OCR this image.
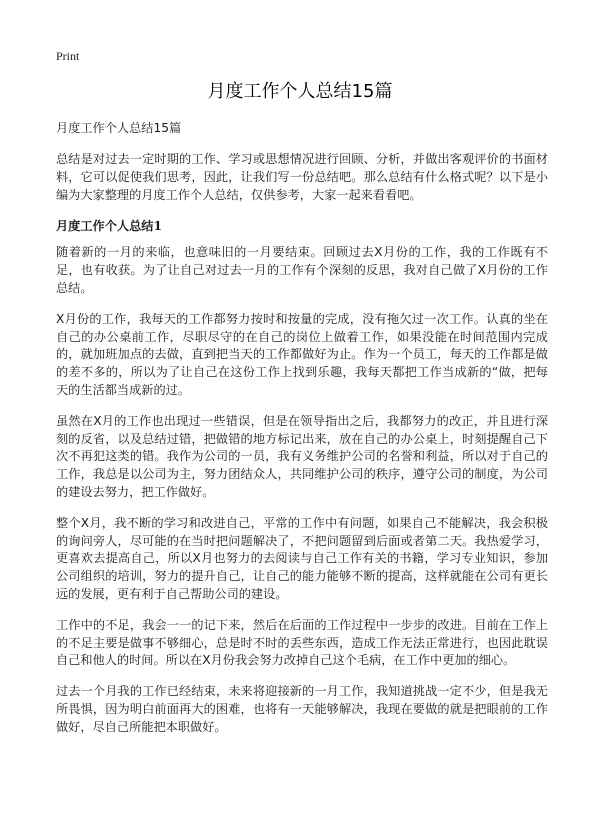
Print
月度工作个人总结15篇

月度工作个人总结15篇

总结是对过去一定时期的工作、学习或思想情况进行回顾、分析，并做出客观评价的书面材料，它可以促使我们思考，因此，让我们写一份总结吧。那么总结有什么格式呢？以下是小编为大家整理的月度工作个人总结，仅供参考，大家一起来看看吧。

月度工作个人总结1

随着新的一月的来临，也意味旧的一月要结束。回顾过去X月份的工作，我的工作既有不足，也有收获。为了让自己对过去一月的工作有个深刻的反思，我对自己做了X月份的工作总结。

X月份的工作，我每天的工作都努力按时和按量的完成，没有拖欠过一次工作。认真的坐在自己的办公桌前工作，尽职尽守的在自己的岗位上做着工作，如果没能在时间范围内完成的，就加班加点的去做，直到把当天的工作都做好为止。作为一个员工，每天的工作都是做的差不多的，所以为了让自己在这份工作上找到乐趣，我每天都把工作当成新的“做，把每天的生活都当成新的过。

虽然在X月的工作也出现过一些错误，但是在领导指出之后，我都努力的改正，并且进行深刻的反省，以及总结过错，把做错的地方标记出来，放在自己的办公桌上，时刻提醒自己下次不再犯这类的错。我作为公司的一员，我有义务维护公司的名誉和利益，所以对于自己的工作，我总是以公司为主，努力团结众人，共同维护公司的秩序，遵守公司的制度，为公司的建设去努力，把工作做好。

整个X月，我不断的学习和改进自己，平常的工作中有问题，如果自己不能解决，我会积极的询问旁人，尽可能的在当时把问题解决了，不把问题留到后面或者第二天。我热爱学习，更喜欢去提高自己，所以X月也努力的去阅读与自己工作有关的书籍，学习专业知识，参加公司组织的培训，努力的提升自己，让自己的能力能够不断的提高，这样就能在公司有更长远的发展，更有利于自己帮助公司的建设。

工作中的不足，我会一一的记下来，然后在后面的工作过程中一步步的改进。目前在工作上的不足主要是做事不够细心，总是时不时的丢些东西，造成工作无法正常进行，也因此耽误自己和他人的时间。所以在X月份我会努力改掉自己这个毛病，在工作中更加的细心。

过去一个月我的工作已经结束，未来将迎接新的一月工作，我知道挑战一定不少，但是我无所畏惧，因为明白前面再大的困难，也将有一天能够解决，我现在要做的就是把眼前的工作做好，尽自己所能把本职做好。
